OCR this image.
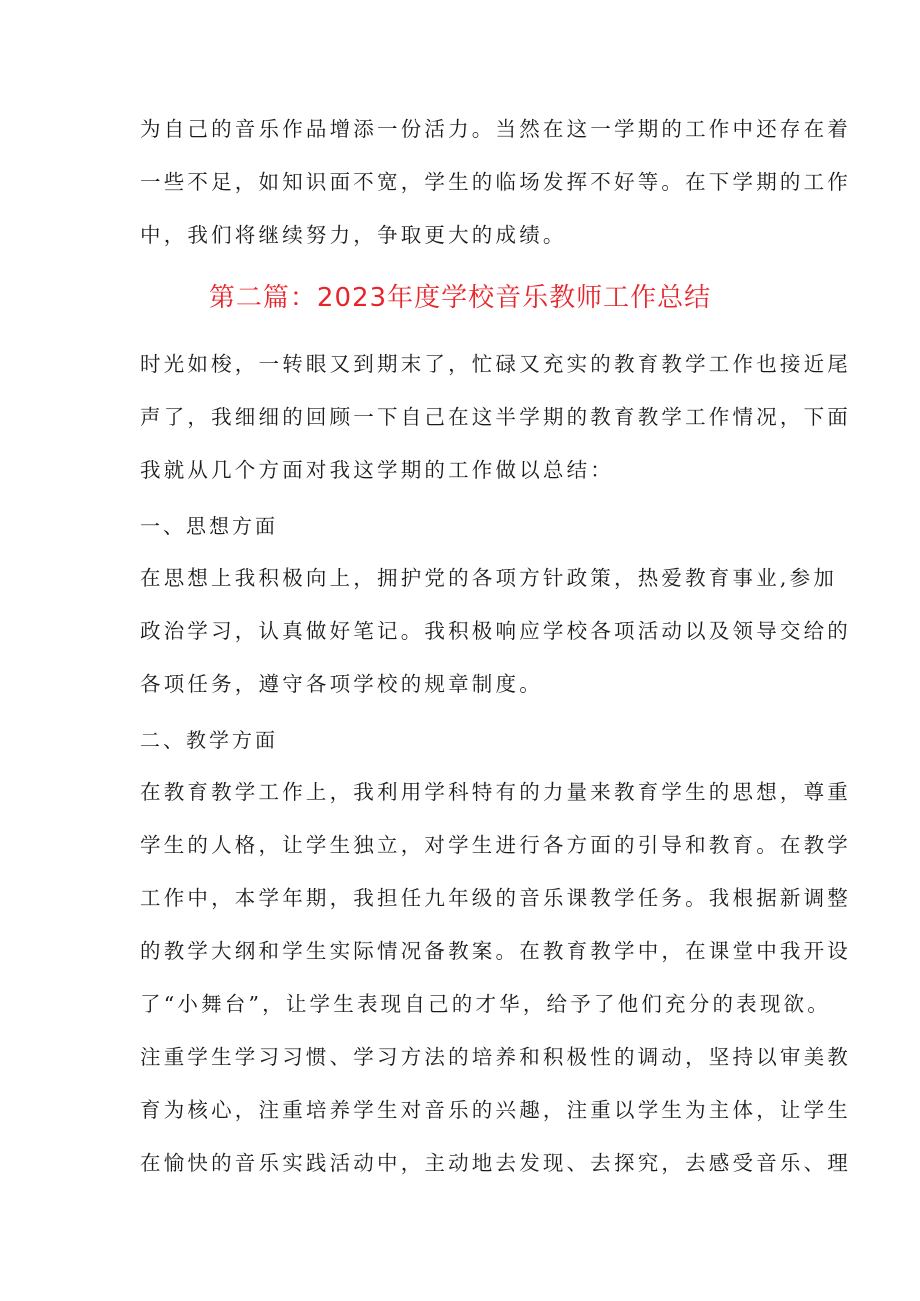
为自己的音乐作品增添一份活力。当然在这一学期的工作中还存在着
一些不足，如知识面不宽，学生的临场发挥不好等。在下学期的工作
中，我们将继续努力，争取更大的成绩。
第二篇：2023年度学校音乐教师工作总结
时光如梭，一转眼又到期末了，忙碌又充实的教育教学工作也接近尾
声了，我细细的回顾一下自己在这半学期的教育教学工作情况，下面
我就从几个方面对我这学期的工作做以总结：
一、思想方面
在思想上我积极向上，拥护党的各项方针政策，热爱教育事业,参加
政治学习，认真做好笔记。我积极响应学校各项活动以及领导交给的
各项任务，遵守各项学校的规章制度。
二、教学方面
在教育教学工作上，我利用学科特有的力量来教育学生的思想，尊重
学生的人格，让学生独立，对学生进行各方面的引导和教育。在教学
工作中，本学年期，我担任九年级的音乐课教学任务。我根据新调整
的教学大纲和学生实际情况备教案。在教育教学中，在课堂中我开设
了“小舞台”，让学生表现自己的才华，给予了他们充分的表现欲。
注重学生学习习惯、学习方法的培养和积极性的调动，坚持以审美教
育为核心，注重培养学生对音乐的兴趣，注重以学生为主体，让学生
在愉快的音乐实践活动中，主动地去发现、去探究，去感受音乐、理
